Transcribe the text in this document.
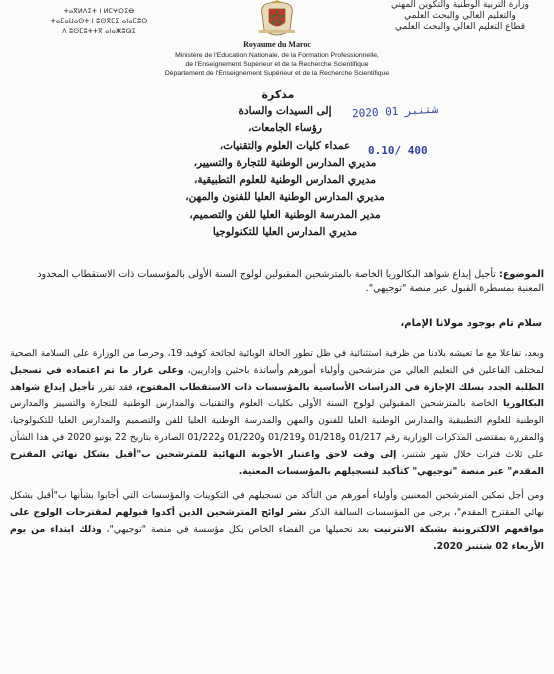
ⵜⴰⴳⵍⴷⵉⵜ ⵏ ⵍⵎⵖⵔⵉⴱ
ⵜⴰⵎⴰⵡⴰⵙⵜ ⵏ ⵓⵙⴳⵎⵉ ⴰⵏⴰⵎⵓⵔ
ⴷ ⵓⵙⵎⵓⵜⵜⴳ ⴰⵏⴰⵥⵓⵕⵉ
وزارة التربية الوطنية والتكوين المهني
والتعليم العالي والبحث العلمي
قطاع التعليم العالي والبحث العلمي
Royaume du Maroc
Ministère de l'Education Nationale, de la Formation Professionnelle,
de l'Enseignement Supérieur et de la Recherche Scientifique
Département de l'Enseignement Supérieur et de la Recherche Scientifique
مذكرة
2020 شتنبر 01
0.10/ 400
إلى السيدات والسادة
رؤساء الجامعات،
عمداء كليات العلوم والتقنيات،
مديري المدارس الوطنية للتجارة والتسيير،
مديري المدارس الوطنية للعلوم التطبيقية،
مديري المدارس الوطنية العليا للفنون والمهن،
مدير المدرسة الوطنية العليا للفن والتصميم،
مديري المدارس العليا للتكنولوجيا
الموضوع: تأجيل إيداع شواهد البكالوريا الخاصة بالمترشحين المقبولين لولوج السنة الأولى بالمؤسسات ذات الاستقطاب المحدود المعنية بمسطرة القبول عبر منصة "توجيهي".
سلام تام بوجود مولانا الإمام،

وبعد، تفاعلا مع ما تعيشه بلادنا من ظرفية استثنائية في ظل تطور الحالة الوبائية لجائحة كوفيد 19، وحرصا من الوزارة على السلامة الصحية لمختلف الفاعلين في التعليم العالي من مترشحين وأولياء أمورهم وأساتذة باحثين وإداريين، وعلى غرار ما تم اعتماده في تسجيل الطلبة الجدد بسلك الإجازة في الدراسات الأساسية بالمؤسسات ذات الاستقطاب المفتوح، فقد تقرر تأجيل إيداع شواهد البكالوريا الخاصة بالمترشحين المقبولين لولوج السنة الأولى بكليات العلوم والتقنيات والمدارس الوطنية للتجارة والتسيير والمدارس الوطنية للعلوم التطبيقية والمدارس الوطنية العليا للفنون والمهن والمدرسة الوطنية العليا للفن والتصميم والمدارس العليا للتكنولوجيا، والمقررة بمقتضى المذكرات الوزارية رقم 01/217 و01/218 و01/219 و01/220 و01/222 الصادرة بتاريخ 22 يونيو 2020 في هذا الشأن على ثلاث فترات خلال شهر شتنبر، إلى وقت لاحق واعتبار الأجوبة النهائية للمترشحين ب"أقبل بشكل نهائي المقترح المقدم" عبر منصة "توجيهي" كتأكيد لتسجيلهم بالمؤسسات المعنية.

ومن أجل تمكين المترشحين المعنيين وأولياء أمورهم من التأكد من تسجيلهم في التكوينات والمؤسسات التي أجابوا بشأنها ب"أقبل بشكل نهائي المقترح المقدم"، يرجى من المؤسسات السالفة الذكر نشر لوائح المترشحين الذين أكدوا قبولهم لمقترحات الولوج على مواقعهم الالكترونية بشبكة الانترنيت بعد تحميلها من الفضاء الخاص بكل مؤسسة في منصة "توجيهي"، وذلك ابتداء من يوم الأربعاء 02 شتنبر 2020.
